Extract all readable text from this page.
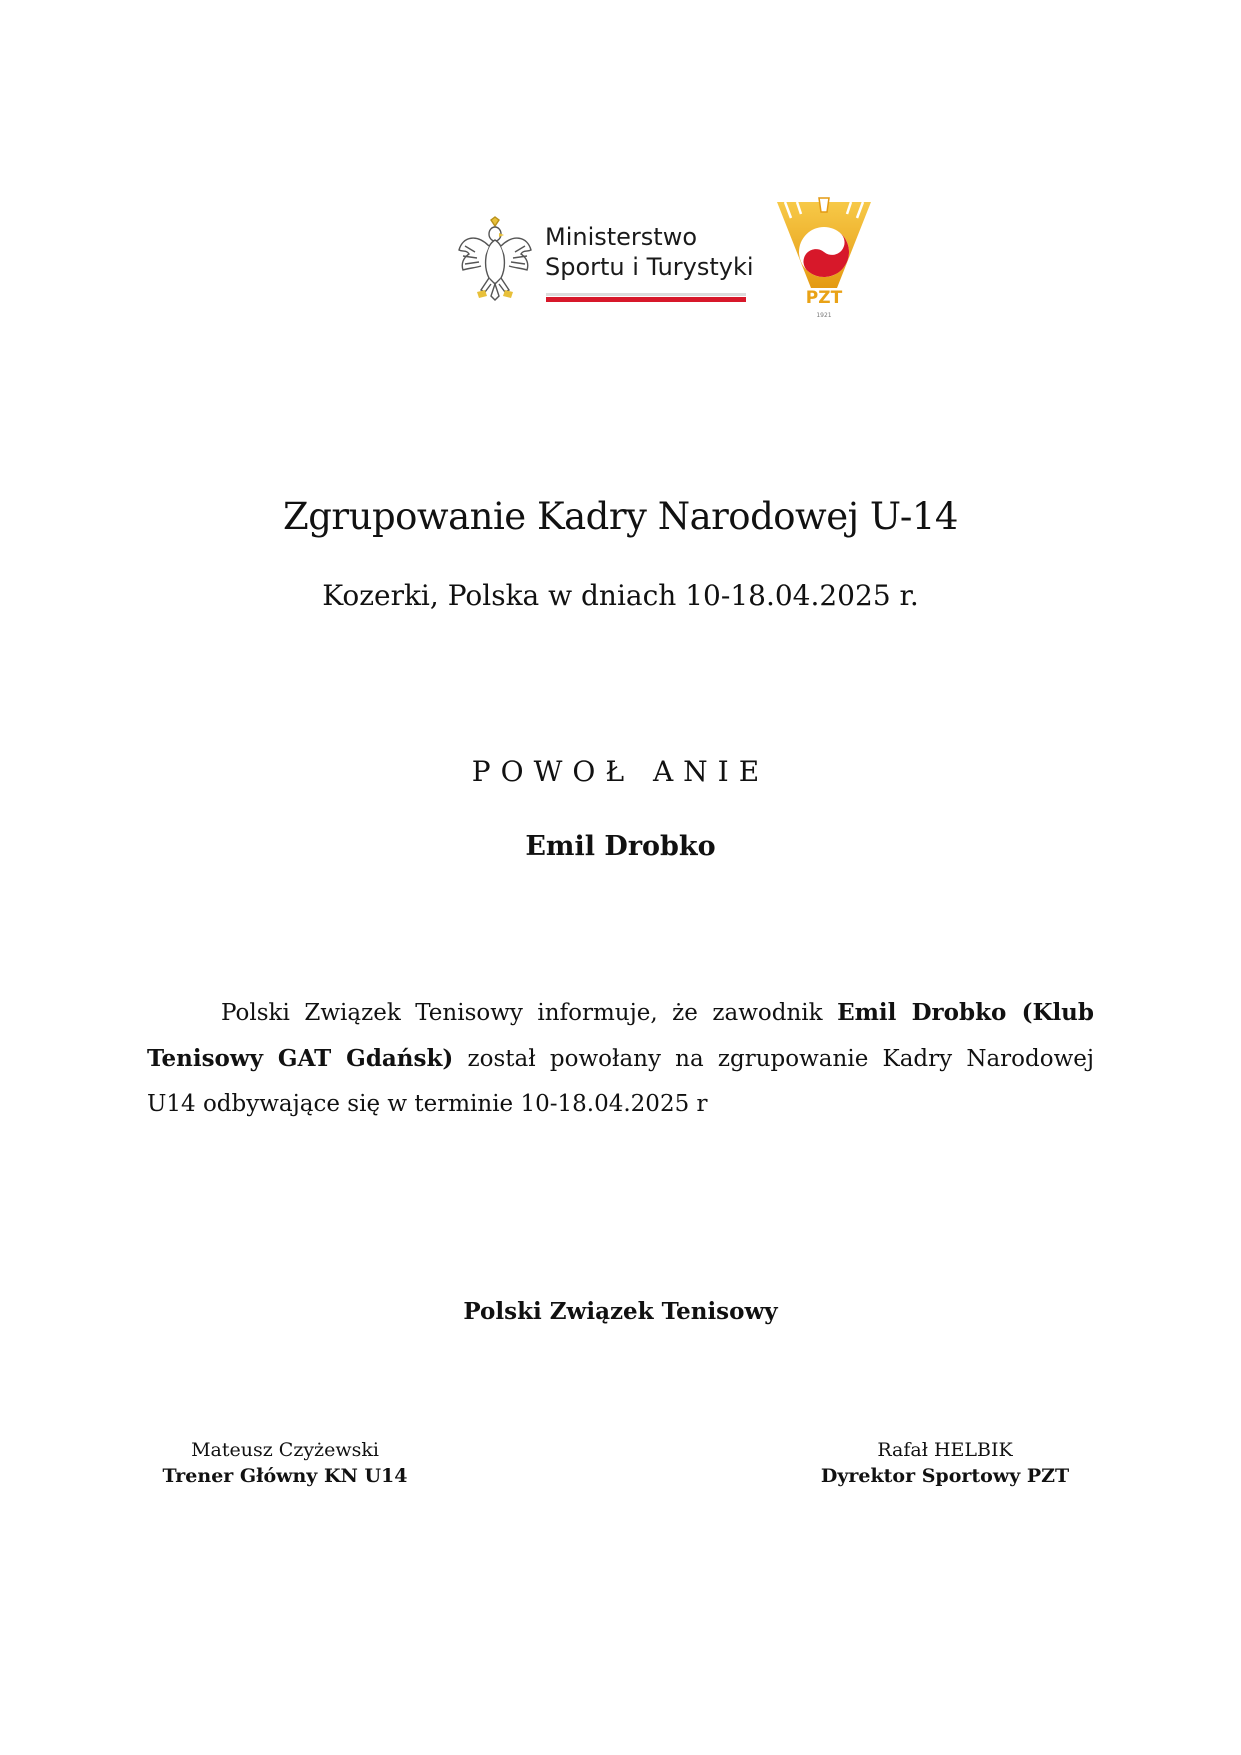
Ministerstwo
Sportu i Turystyki
PZT
1921
Zgrupowanie Kadry Narodowej U-14
Kozerki, Polska w dniach 10-18.04.2025 r.
POWOŁ ANIE
Emil Drobko
Polski Związek Tenisowy informuje, że zawodnik Emil Drobko (Klub Tenisowy GAT Gdańsk) został powołany na zgrupowanie Kadry Narodowej U14 odbywające się w terminie 10-18.04.2025 r
Polski Związek Tenisowy
Mateusz Czyżewski
Trener Główny KN U14
Rafał HELBIK
Dyrektor Sportowy PZT
